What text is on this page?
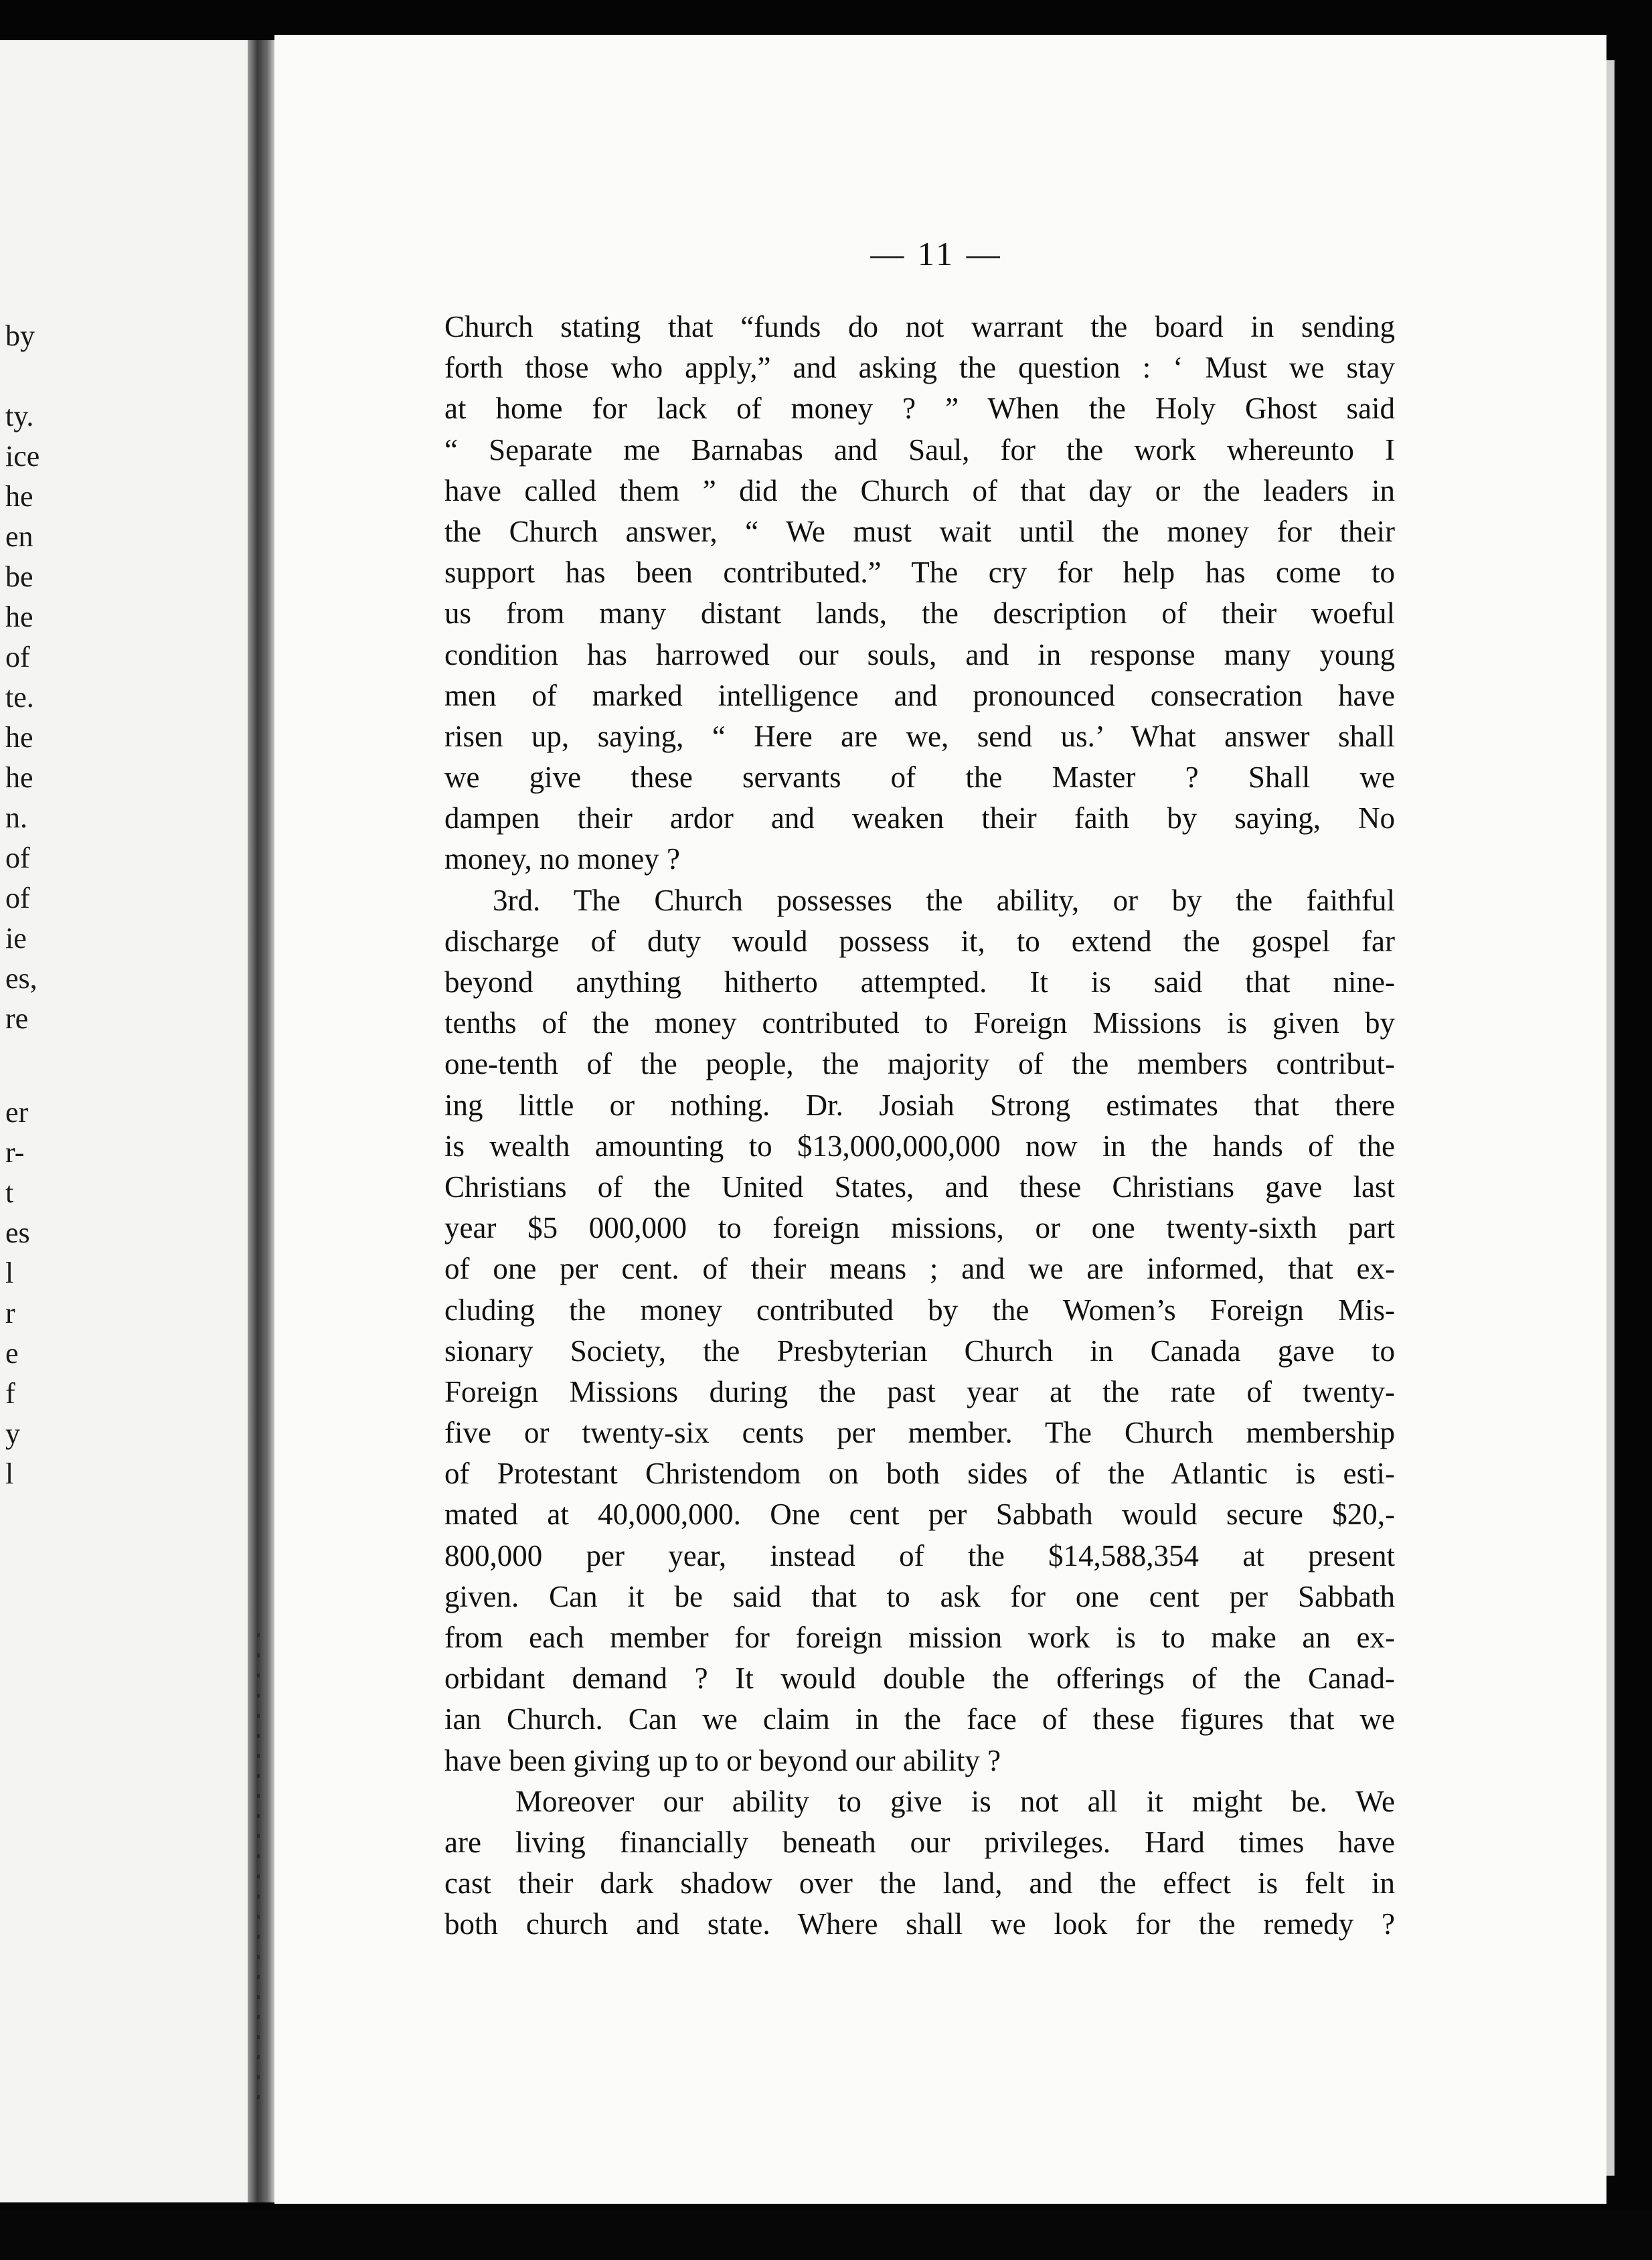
by
ty.
ice
he
en
be
he
of
te.
he
he
n.
of
of
ie
es,
re
er
r-
t
es
l
r
e
f
y
l
— 11 —
Church stating that “funds do not warrant the board in sending
forth those who apply,” and asking the question : ‘ Must we stay
at home for lack of money ? ” When the Holy Ghost said
“ Separate me Barnabas and Saul, for the work whereunto I
have called them ” did the Church of that day or the leaders in
the Church answer, “ We must wait until the money for their
support has been contributed.” The cry for help has come to
us from many distant lands, the description of their woeful
condition has harrowed our souls, and in response many young
men of marked intelligence and pronounced consecration have
risen up, saying, “ Here are we, send us.’ What answer shall
we give these servants of the Master ? Shall we
dampen their ardor and weaken their faith by saying, No
money, no money ?
3rd. The Church possesses the ability, or by the faithful
discharge of duty would possess it, to extend the gospel far
beyond anything hitherto attempted. It is said that nine-
tenths of the money contributed to Foreign Missions is given by
one-tenth of the people, the majority of the members contribut-
ing little or nothing. Dr. Josiah Strong estimates that there
is wealth amounting to $13,000,000,000 now in the hands of the
Christians of the United States, and these Christians gave last
year $5 000,000 to foreign missions, or one twenty-sixth part
of one per cent. of their means ; and we are informed, that ex-
cluding the money contributed by the Women’s Foreign Mis-
sionary Society, the Presbyterian Church in Canada gave to
Foreign Missions during the past year at the rate of twenty-
five or twenty-six cents per member. The Church membership
of Protestant Christendom on both sides of the Atlantic is esti-
mated at 40,000,000. One cent per Sabbath would secure $20,-
800,000 per year, instead of the $14,588,354 at present
given. Can it be said that to ask for one cent per Sabbath
from each member for foreign mission work is to make an ex-
orbidant demand ? It would double the offerings of the Canad-
ian Church. Can we claim in the face of these figures that we
have been giving up to or beyond our ability ?
Moreover our ability to give is not all it might be. We
are living financially beneath our privileges. Hard times have
cast their dark shadow over the land, and the effect is felt in
both church and state. Where shall we look for the remedy ?
